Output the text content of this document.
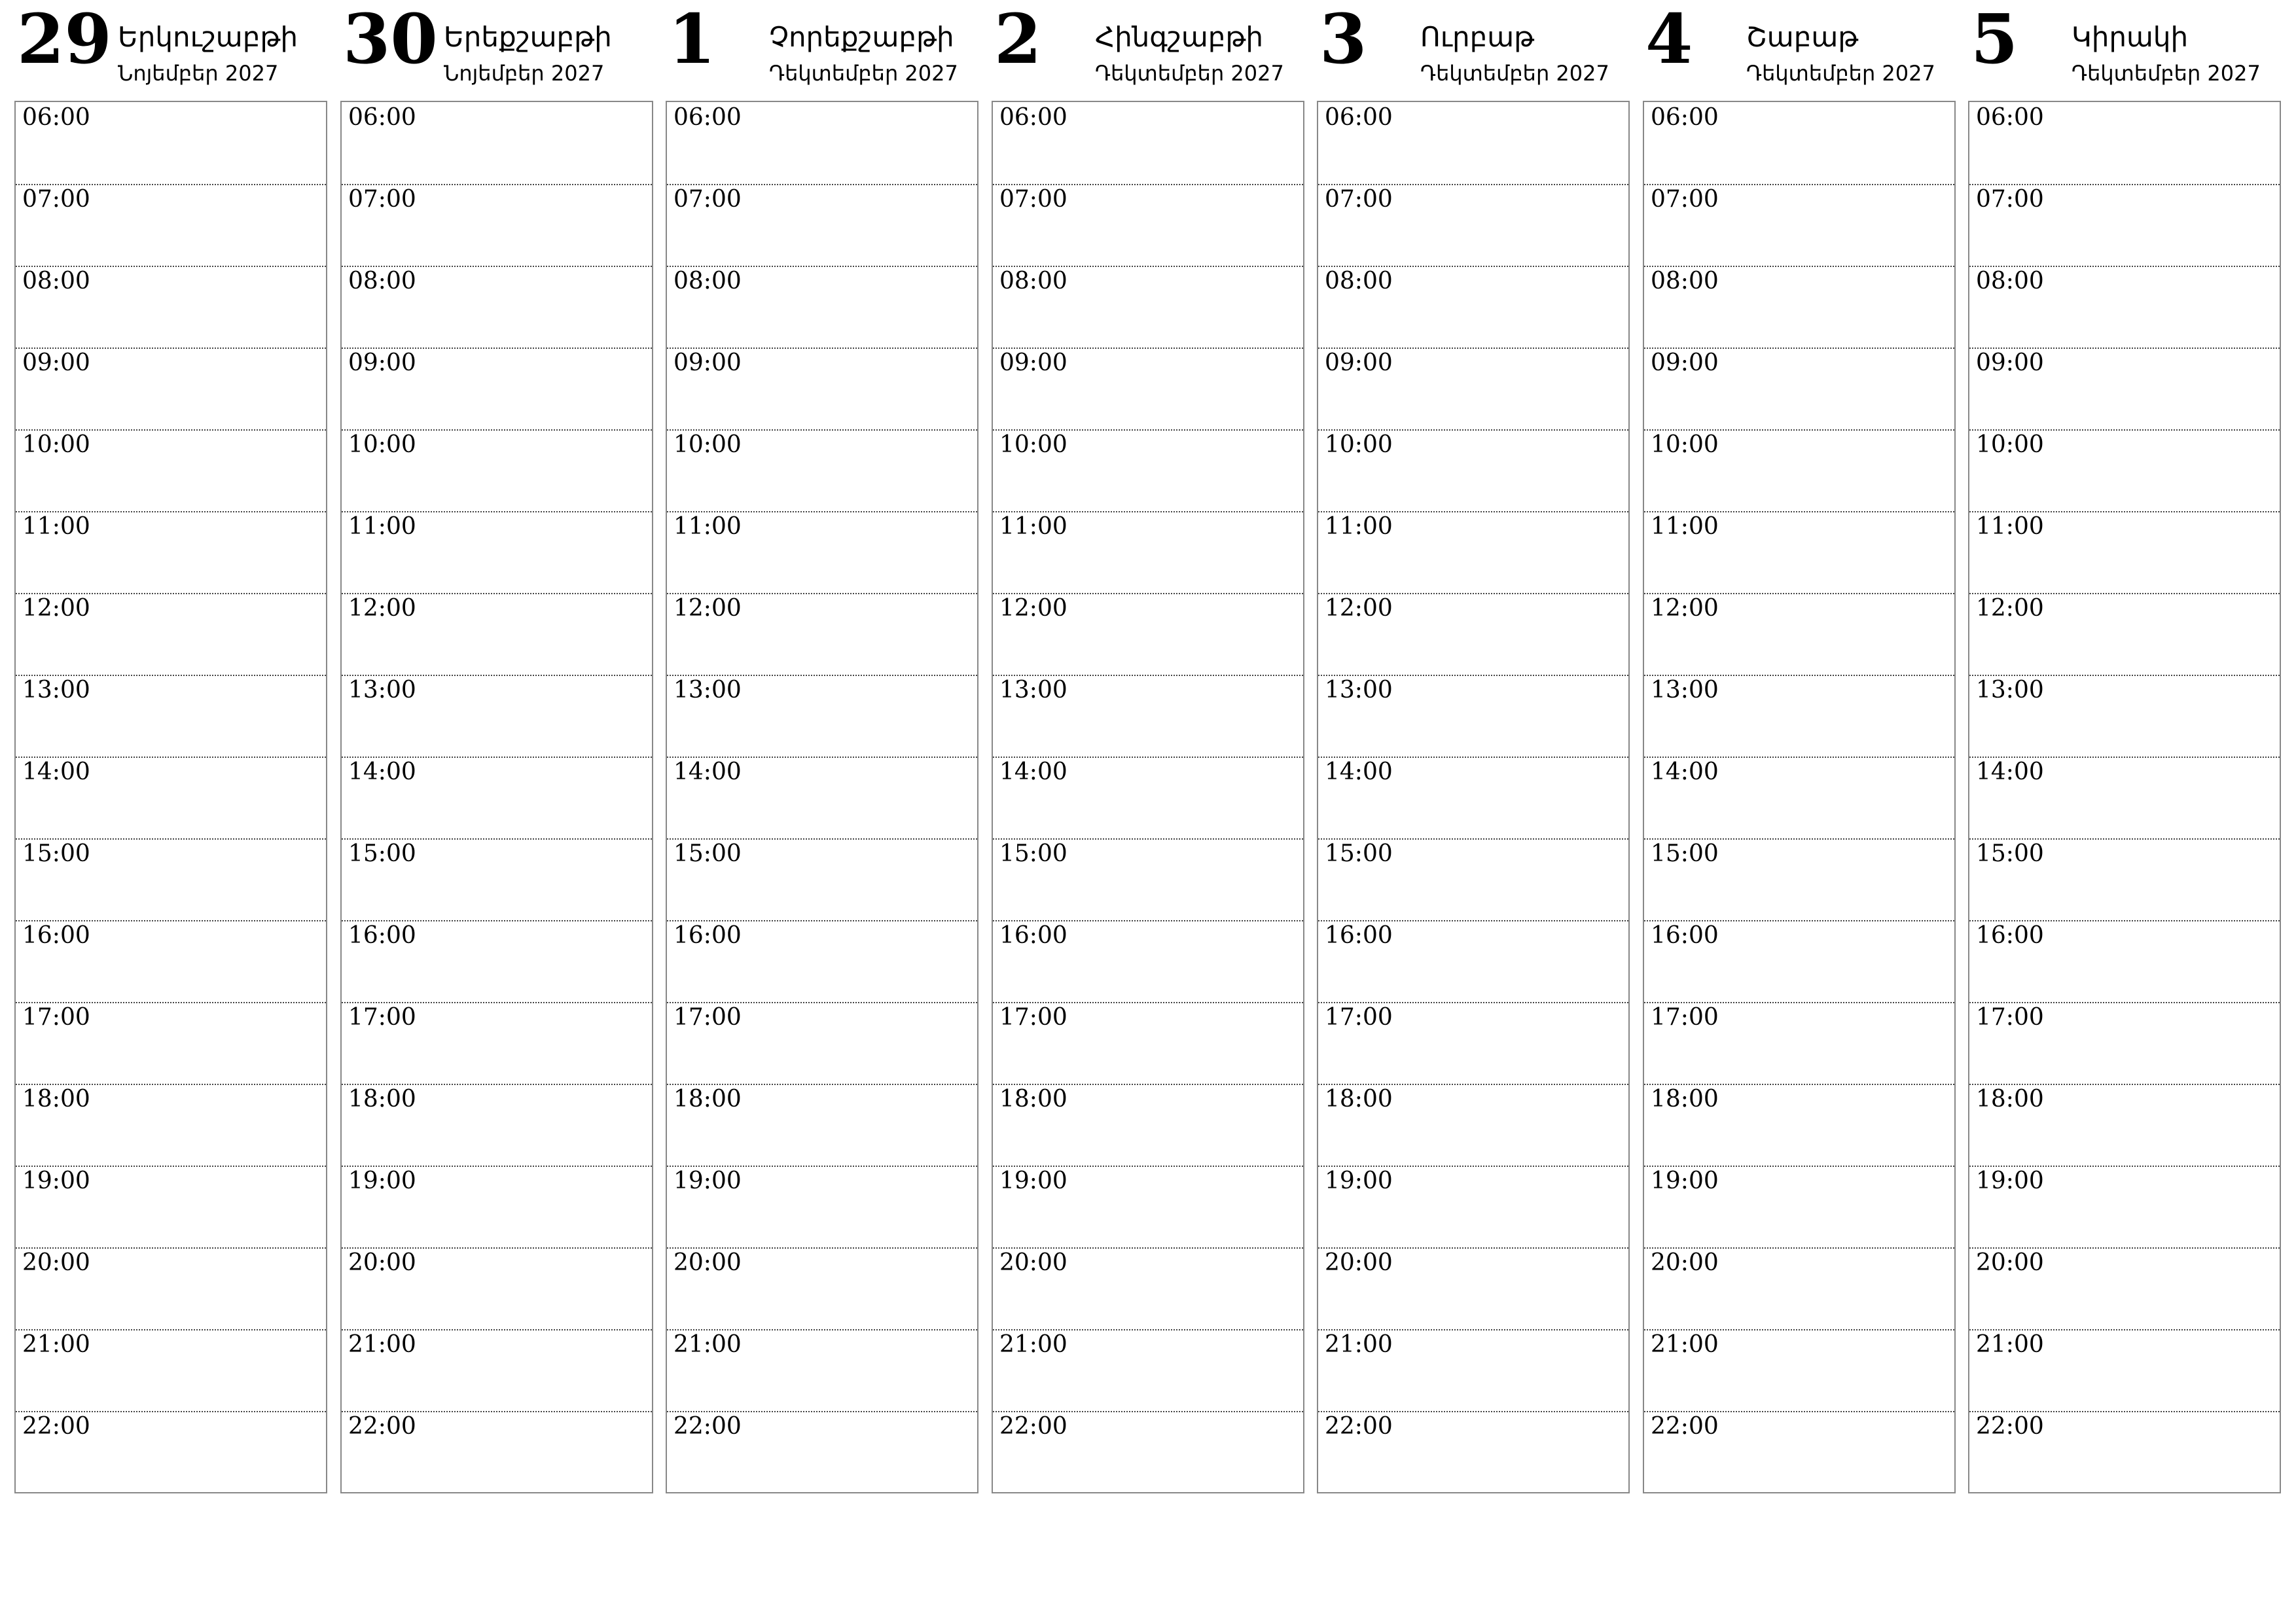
29 Երկուշաբթի
Նոյեմբեր 2027
06:00
07:00
08:00
09:00
10:00
11:00
12:00
13:00
14:00
15:00
16:00
17:00
18:00
19:00
20:00
21:00
22:00
30 Երեքշաբթի
Նոյեմբեր 2027
06:00
07:00
08:00
09:00
10:00
11:00
12:00
13:00
14:00
15:00
16:00
17:00
18:00
19:00
20:00
21:00
22:00
1 Չորեքշաբթի
Դեկտեմբեր 2027
06:00
07:00
08:00
09:00
10:00
11:00
12:00
13:00
14:00
15:00
16:00
17:00
18:00
19:00
20:00
21:00
22:00
2 Հինգշաբթի
Դեկտեմբեր 2027
06:00
07:00
08:00
09:00
10:00
11:00
12:00
13:00
14:00
15:00
16:00
17:00
18:00
19:00
20:00
21:00
22:00
3 Ուրբաթ
Դեկտեմբեր 2027
06:00
07:00
08:00
09:00
10:00
11:00
12:00
13:00
14:00
15:00
16:00
17:00
18:00
19:00
20:00
21:00
22:00
4 Շաբաթ
Դեկտեմբեր 2027
06:00
07:00
08:00
09:00
10:00
11:00
12:00
13:00
14:00
15:00
16:00
17:00
18:00
19:00
20:00
21:00
22:00
5 Կիրակի
Դեկտեմբեր 2027
06:00
07:00
08:00
09:00
10:00
11:00
12:00
13:00
14:00
15:00
16:00
17:00
18:00
19:00
20:00
21:00
22:00
